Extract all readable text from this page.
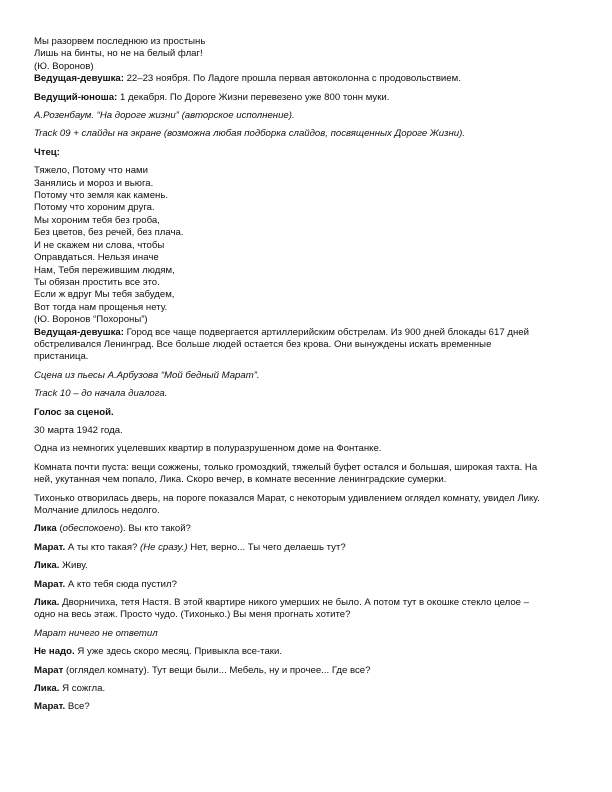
Мы разорвем последнюю из простынь
Лишь на бинты, но не на белый флаг!
(Ю. Воронов)
Ведущая-девушка: 22–23 ноября. По Ладоге прошла первая автоколонна с продовольствием.
Ведущий-юноша: 1 декабря. По Дороге Жизни перевезено уже 800 тонн муки.
А.Розенбаум. “На дороге жизни” (авторское исполнение).
Track 09 + слайды на экране (возможна любая подборка слайдов, посвященных Дороге Жизни).
Чтец:
Тяжело, Потому что нами
Занялись и мороз и вьюга.
Потому что земля как камень.
Потому что хороним друга.
Мы хороним тебя без гроба,
Без цветов, без речей, без плача.
И не скажем ни слова, чтобы
Оправдаться. Нельзя иначе
Нам, Тебя пережившим людям,
Ты обязан простить все это.
Если ж вдруг Мы тебя забудем,
Вот тогда нам прощенья нету.
(Ю. Воронов “Похороны”)
Ведущая-девушка: Город все чаще подвергается артиллерийским обстрелам. Из 900 дней блокады 617 дней
обстреливался Ленинград. Все больше людей остается без крова. Они вынуждены искать временные
пристаница.
Сцена из пьесы А.Арбузова “Мой бедный Марат”.
Track 10 – до начала диалога.
Голос за сценой.
30 марта 1942 года.
Одна из немногих уцелевших квартир в полуразрушенном доме на Фонтанке.
Комната почти пуста: вещи сожжены, только громоздкий, тяжелый буфет остался и большая, широкая тахта. На
ней, укутанная чем попало, Лика. Скоро вечер, в комнате весенние ленинградские сумерки.
Тихонько отворилась дверь, на пороге показался Марат, с некоторым удивлением оглядел комнату, увидел Лику.
Молчание длилось недолго.
Лика (обеспокоено). Вы кто такой?
Марат. А ты кто такая? (Не сразу.) Нет, верно... Ты чего делаешь тут?
Лика. Живу.
Марат. А кто тебя сюда пустил?
Лика. Дворничиха, тетя Настя. В этой квартире никого умерших не было. А потом тут в окошке стекло целое –
одно на весь этаж. Просто чудо. (Тихонько.) Вы меня прогнать хотите?
Марат ничего не ответил
Не надо. Я уже здесь скоро месяц. Привыкла все-таки.
Марат (оглядел комнату). Тут вещи были... Мебель, ну и прочее... Где все?
Лика. Я сожгла.
Марат. Все?
